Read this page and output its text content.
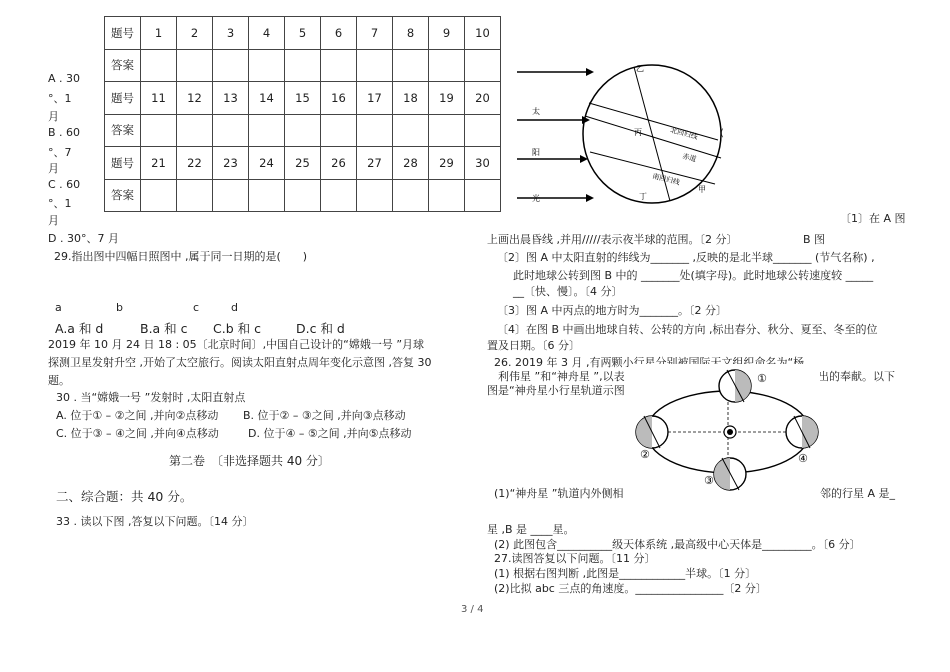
题号	1	2	3	4	5	6	7	8	9	10
答案										
题号	11	12	13	14	15	16	17	18	19	20
答案										
题号	21	22	23	24	25	26	27	28	29	30
答案										
A . 30
°、1
月
B . 60
°、7
月
C . 60
°、1
月
D . 30°、7 月
29.指出图中四幅日照图中 ,属于同一日期的是(　　)
a	b	c	d
A.a 和 d	B.a 和 c C.b 和 c	D.c 和 d
2019 年 10 月 24 日 18 : 05〔北京时间〕,中国自己设计的“嫦娥一号 ”月球
探测卫星发射升空 ,开始了太空旅行。阅读太阳直射点周年变化示意图 ,答复 30
题。
30 . 当“嫦娥一号 ”发射时 ,太阳直射点
A. 位于① – ②之间 ,并向②点移动 B. 位于② – ③之间 ,并向③点移动
C. 位于③ – ④之间 ,并向④点移动	D. 位于④ – ⑤之间 ,并向⑤点移动
第二卷　〔非选择题共 40 分〕
二、综合题：共 40 分。
33 . 读以下图 ,答复以下问题。〔14 分〕
乙
太
阳
光
北回归线
赤道
南回归线
丙
丁
甲
(
〔1〕在 A 图
上画出晨昏线 ,并用/////表示夜半球的范围。〔2 分〕	B 图
〔2〕图 A 中太阳直射的纬线为_______ ,反映的是北半球_______ (节气名称) ,
此时地球公转到图 B 中的 _______处(填字母)。此时地球公转速度较 _____
__〔快、慢〕。〔4 分〕
〔3〕图 A 中丙点的地方时为_______。〔2 分〕
〔4〕在图 B 中画出地球自转、公转的方向 ,标出春分、秋分、夏至、冬至的位
置及日期。〔6 分〕
26. 2019 年 3 月 ,有两颗小行星分别被国际天文组织命名为“杨
利伟星 ”和“神舟星 ”,以表	出的奉献。以下
图是“神舟星小行星轨道示图
①
②
③
④
(1)“神舟星 ”轨道内外侧相	邻的行星 A 是_
星 ,B 是 ____星。
(2) 此图包含__________级天体系统 ,最高级中心天体是_________。〔6 分〕
27.读图答复以下问题。〔11 分〕
(1) 根据右图判断 ,此图是____________半球。〔1 分〕
(2)比拟 abc 三点的角速度。________________〔2 分〕
3 / 4
